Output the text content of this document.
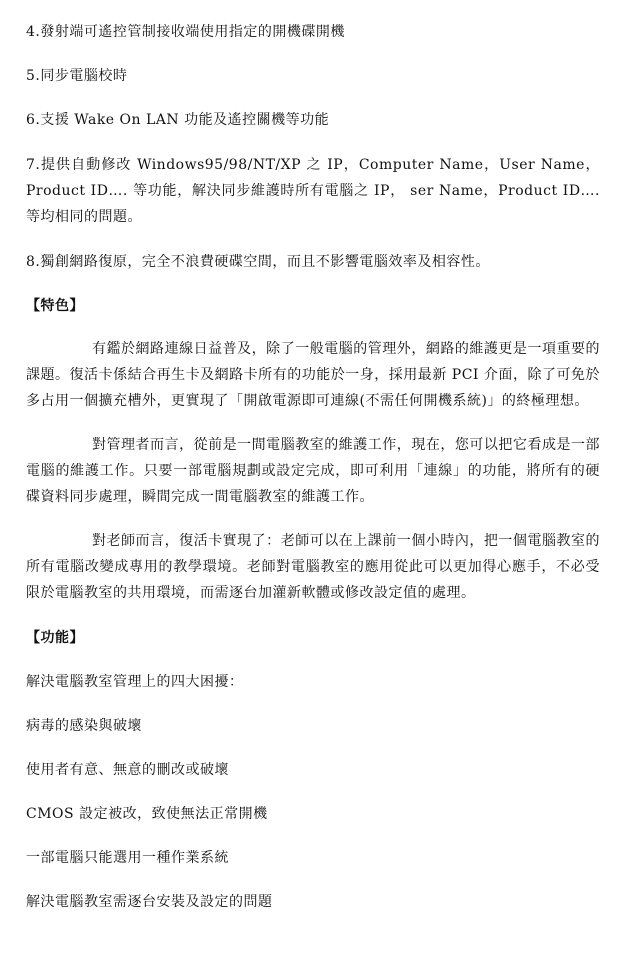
4.發射端可遙控管制接收端使用指定的開機碟開機

5.同步電腦校時

6.支援 Wake On LAN 功能及遙控關機等功能

7.提供自動修改 Windows95/98/NT/XP 之 IP，Computer Name，User Name，Product ID…. 等功能，解決同步維護時所有電腦之 IP， ser Name，Product ID…. 等均相同的問題。

8.獨創網路復原，完全不浪費硬碟空間，而且不影響電腦效率及相容性。

【特色】

有鑑於網路連線日益普及，除了一般電腦的管理外，網路的維護更是一項重要的課題。復活卡係結合再生卡及網路卡所有的功能於一身，採用最新 PCI 介面，除了可免於多占用一個擴充槽外，更實現了「開啟電源即可連線(不需任何開機系統)」的終極理想。

對管理者而言，從前是一間電腦教室的維護工作，現在，您可以把它看成是一部電腦的維護工作。只要一部電腦規劃或設定完成，即可利用「連線」的功能，將所有的硬碟資料同步處理，瞬間完成一間電腦教室的維護工作。

對老師而言，復活卡實現了：老師可以在上課前一個小時內，把一個電腦教室的所有電腦改變成專用的教學環境。老師對電腦教室的應用從此可以更加得心應手，不必受限於電腦教室的共用環境，而需逐台加灌新軟體或修改設定值的處理。

【功能】

解決電腦教室管理上的四大困擾：

病毒的感染與破壞

使用者有意、無意的刪改或破壞

CMOS 設定被改，致使無法正常開機

一部電腦只能選用一種作業系統

解決電腦教室需逐台安裝及設定的問題
